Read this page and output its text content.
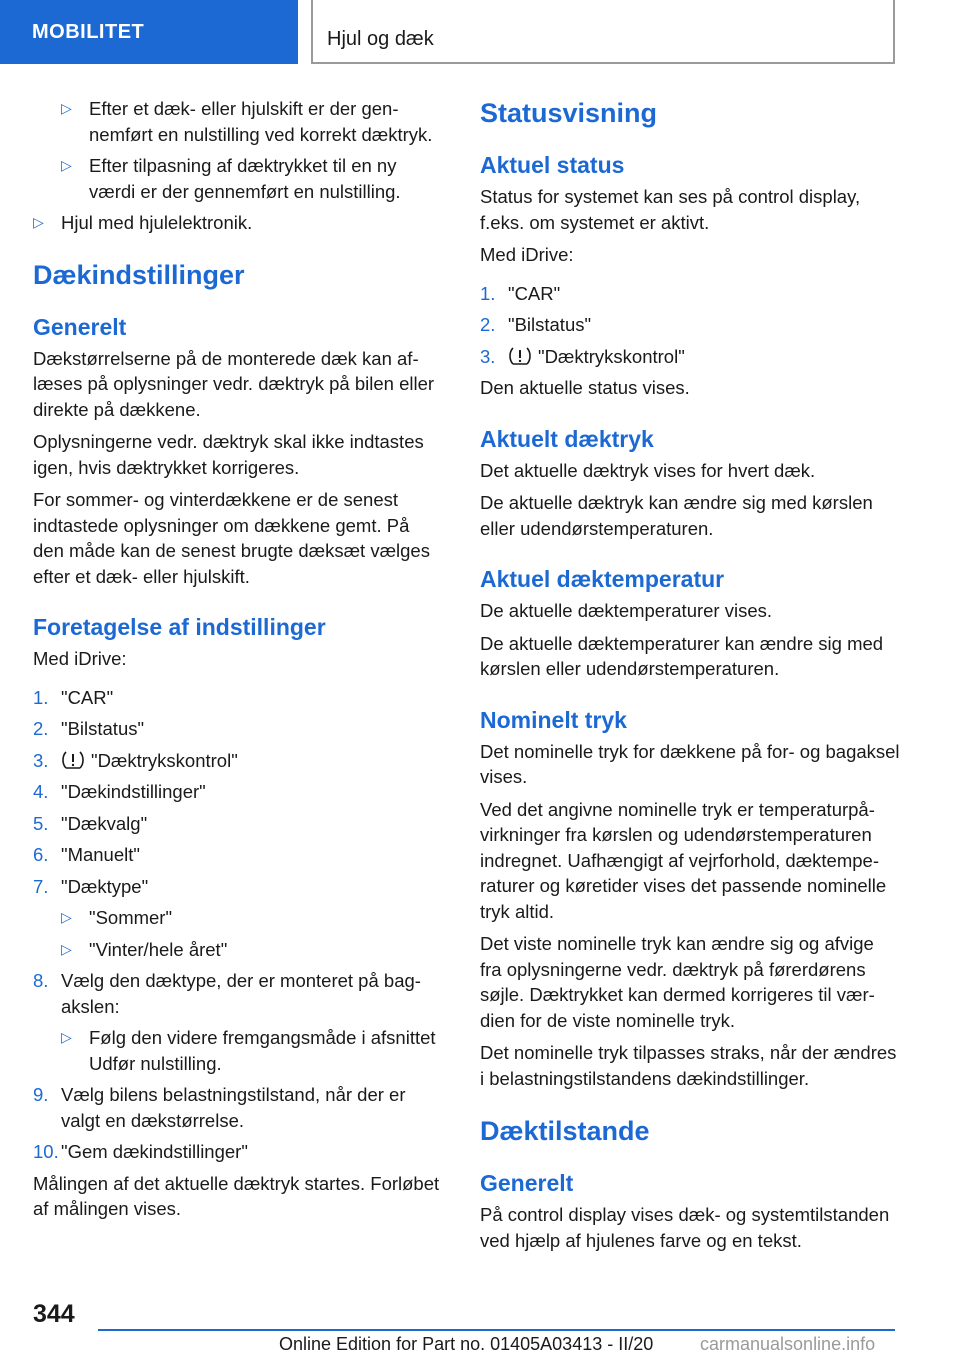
MOBILITET	Hjul og dæk
▷ Efter et dæk- eller hjulskift er der gennemført en nulstilling ved korrekt dæktryk.
▷ Efter tilpasning af dæktrykket til en ny værdi er der gennemført en nulstilling.
▷ Hjul med hjulelektronik.
Dækindstillinger
Generelt

Dækstørrelserne på de monterede dæk kan aflæses på oplysninger vedr. dæktryk på bilen eller direkte på dækkene.

Oplysningerne vedr. dæktryk skal ikke indtastes igen, hvis dæktrykket korrigeres.

For sommer- og vinterdækkene er de senest indtastede oplysninger om dækkene gemt. På den måde kan de senest brugte dæksæt vælges efter et dæk- eller hjulskift.

Foretagelse af indstillinger

Med iDrive:

1. "CAR"
2. "Bilstatus"
3.	"Dæktrykskontrol"
4. "Dækindstillinger"
5. "Dækvalg"
6. "Manuelt"
7. "Dæktype"
▷ "Sommer"
▷ "Vinter/hele året"
8. Vælg den dæktype, der er monteret på bagakslen:
▷ Følg den videre fremgangsmåde i afsnittet Udfør nulstilling.
9. Vælg bilens belastningstilstand, når der er valgt en dækstørrelse.
10. "Gem dækindstillinger"

Målingen af det aktuelle dæktryk startes. Forløbet af målingen vises.

Statusvisning
Aktuel status

Status for systemet kan ses på control display, f.eks. om systemet er aktivt.

Med iDrive:

1. "CAR"
2. "Bilstatus"
3.	"Dæktrykskontrol"

Den aktuelle status vises.

Aktuelt dæktryk

Det aktuelle dæktryk vises for hvert dæk.

De aktuelle dæktryk kan ændre sig med kørslen eller udendørstemperaturen.

Aktuel dæktemperatur

De aktuelle dæktemperaturer vises.

De aktuelle dæktemperaturer kan ændre sig med kørslen eller udendørstemperaturen.

Nominelt tryk

Det nominelle tryk for dækkene på for- og bagaksel vises.

Ved det angivne nominelle tryk er temperaturpåvirkninger fra kørslen og udendørstemperaturen indregnet. Uafhængigt af vejrforhold, dæktemperaturer og køretider vises det passende nominelle tryk altid.

Det viste nominelle tryk kan ændre sig og afvige fra oplysningerne vedr. dæktryk på førerdørens søjle. Dæktrykket kan dermed korrigeres til værdien for de viste nominelle tryk.

Det nominelle tryk tilpasses straks, når der ændres i belastningstilstandens dækindstillinger.

Dæktilstande
Generelt

På control display vises dæk- og systemtilstanden ved hjælp af hjulenes farve og en tekst.

344
Online Edition for Part no. 01405A03413 - II/20	carmanualsonline.info
